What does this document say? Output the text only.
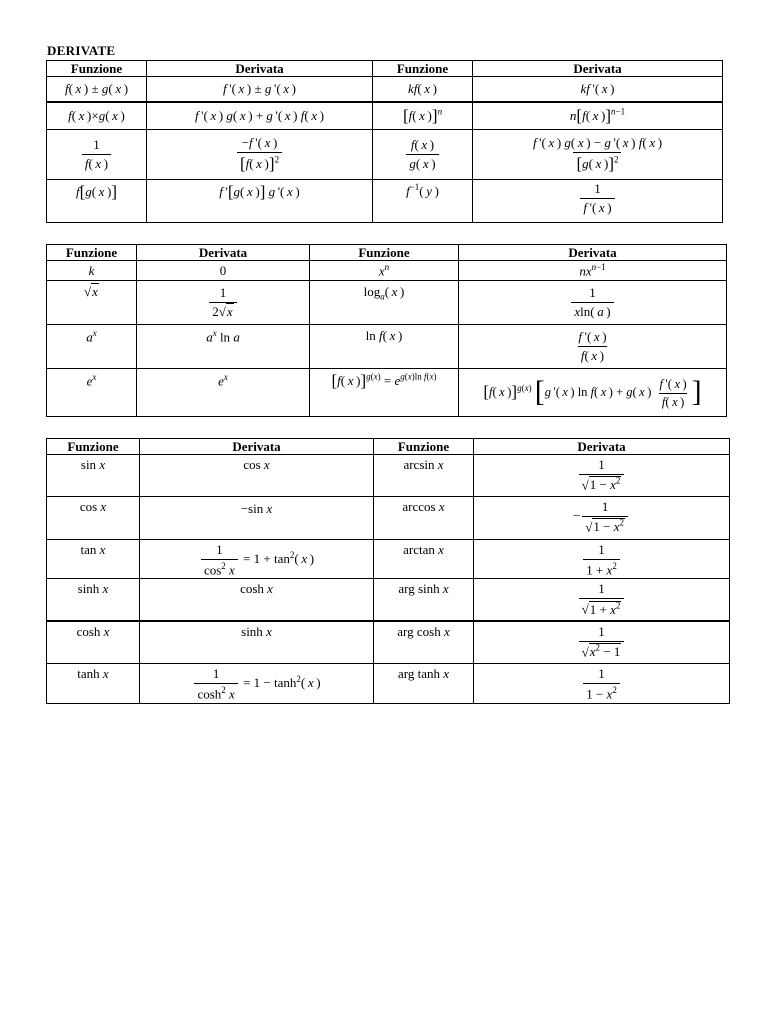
DERIVATE
Funzione	Derivata	Funzione	Derivata
f( x ) ± g( x )	f '( x ) ± g '( x )	kf( x )	kf '( x )
f( x )×g( x )	f '( x ) g( x ) + g '( x ) f( x )	[f( x )]$^n$	n[f( x )]$^{n-1}$

$\frac{1}{f( x )}$	$\frac{-f '( x )}{[f( x )]^2}$	$\frac{f( x )}{g( x )}$	$\frac{f '( x ) g( x ) - g '( x ) f( x )}{[g( x )]^2}$

f[g( x )]	f '[g( x )] g '( x )	$f^{-1}$( y )	$\frac{1}{f '( x )}$
Funzione	Derivata	Funzione	Derivata
k	0	$x^n$	$nx^{n-1}$
√x	$\frac{1}{2√x}$	$\log_a$( x )	$\frac{1}{xln( a )}$

$a^x$	$a^x$ ln a	ln f( x )	$\frac{f '( x )}{f( x )}$

$e^x$	$e^x$	[f( x )]$^{g(x)} = e^{g(x)ln f(x)}$	[f( x )]$^{g(x)}$ [g '( x ) ln f( x ) + g( x ) $\frac{f '( x )}{f( x )}$ ]
Funzione	Derivata	Funzione	Derivata
sin x	cos x	arcsin x	$\frac{1}{√1 - x^2}$

cos x	−sin x	arccos x	− $\frac{1}{√1 - x^2}$

tan x	$\frac{1}{\cos^2 x} = 1 + \tan^2$( x )	arctan x	$\frac{1}{1 + x^2}$

sinh x	cosh x	arg sinh x	$\frac{1}{√1 + x^2}$

cosh x	sinh x	arg cosh x	$\frac{1}{√x^2 - 1}$

tanh x	$\frac{1}{\cosh^2 x} = 1 - \tanh^2$( x )	arg tanh x	$\frac{1}{1 - x^2}$
